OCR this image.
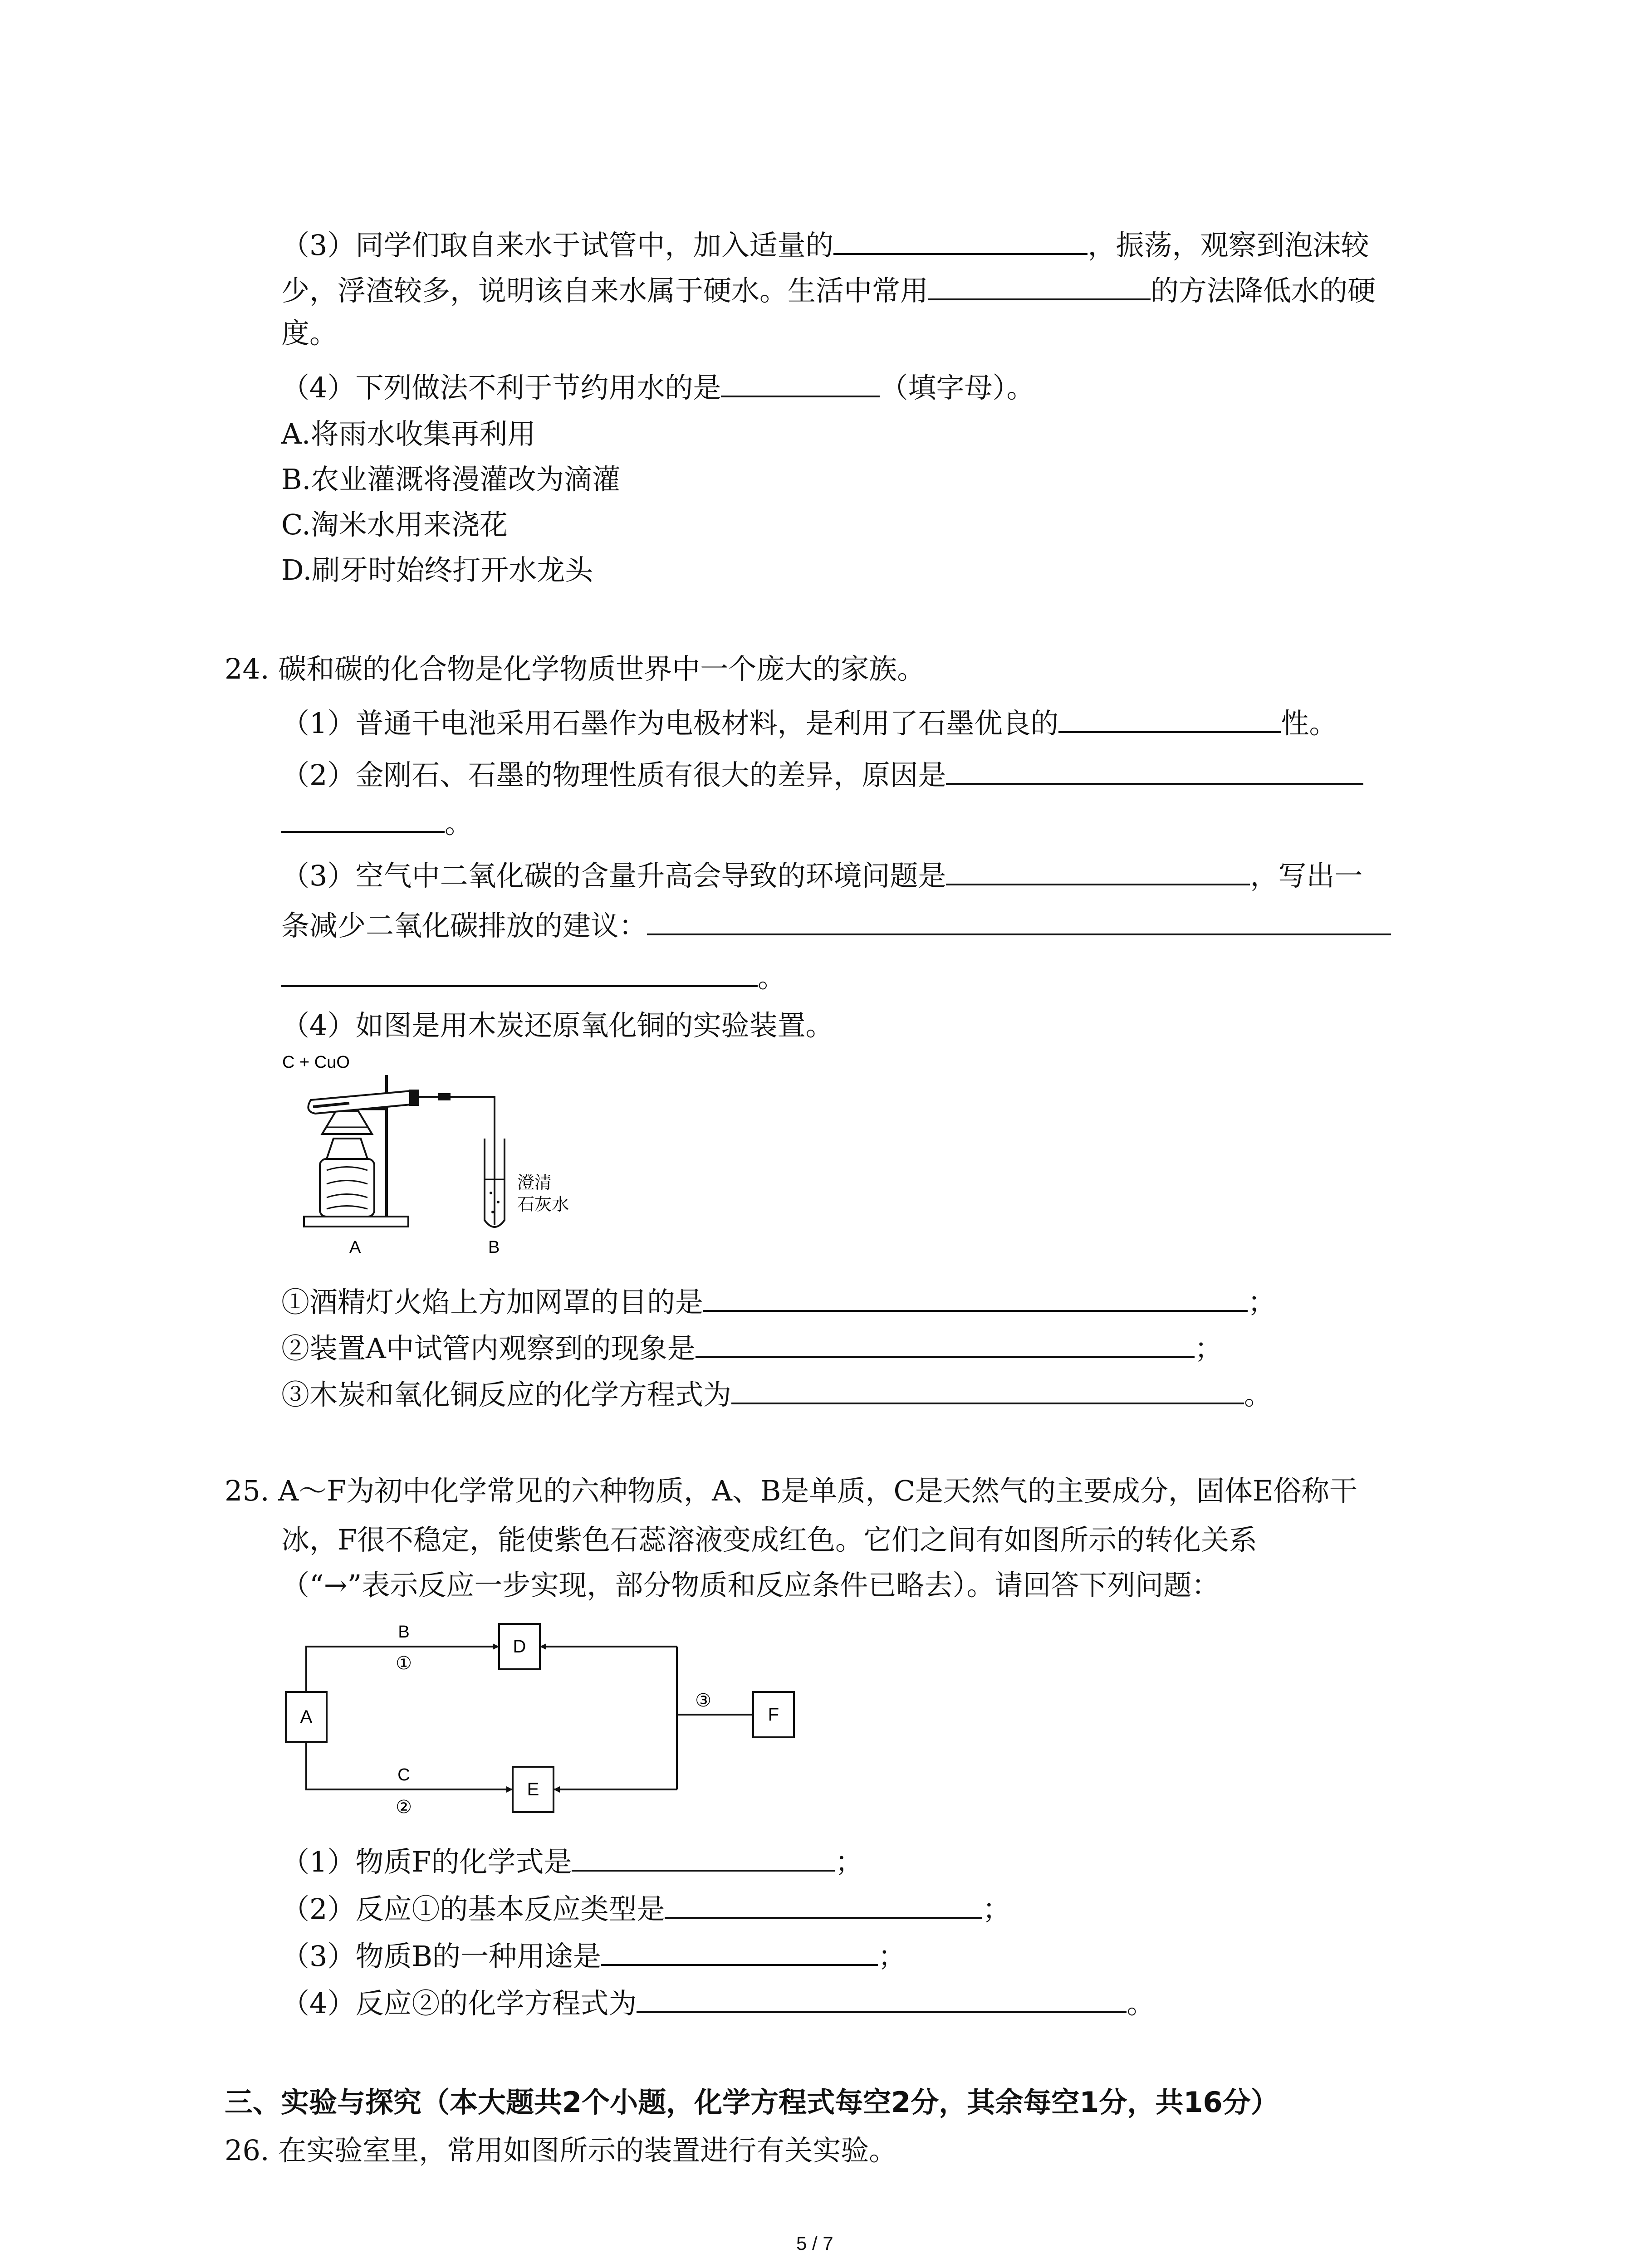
（3）同学们取自来水于试管中，加入适量的	，振荡，观察到泡沫较
少，浮渣较多，说明该自来水属于硬水。生活中常用	的方法降低水的硬
度。
（4）下列做法不利于节约用水的是	（填字母）。
A.将雨水收集再利用
B.农业灌溉将漫灌改为滴灌
C.淘米水用来浇花
D.刷牙时始终打开水龙头
24. 碳和碳的化合物是化学物质世界中一个庞大的家族。
（1）普通干电池采用石墨作为电极材料，是利用了石墨优良的	性。
（2）金刚石、石墨的物理性质有很大的差异，原因是
。
（3）空气中二氧化碳的含量升高会导致的环境问题是	，写出一
条减少二氧化碳排放的建议：
。
（4）如图是用木炭还原氧化铜的实验装置。
C + CuO
澄清
石灰水
A	B
①酒精灯火焰上方加网罩的目的是	；
②装置A中试管内观察到的现象是	；
③木炭和氧化铜反应的化学方程式为	。
25. A～F为初中化学常见的六种物质，A、B是单质，C是天然气的主要成分，固体E俗称干
冰，F很不稳定，能使紫色石蕊溶液变成红色。它们之间有如图所示的转化关系
（“→”表示反应一步实现，部分物质和反应条件已略去）。请回答下列问题：
A
D
E
F
B
①
C
②
③
（1）物质F的化学式是	；
（2）反应①的基本反应类型是	；
（3）物质B的一种用途是	；
（4）反应②的化学方程式为	。
三、实验与探究（本大题共2个小题，化学方程式每空2分，其余每空1分，共16分）
26. 在实验室里，常用如图所示的装置进行有关实验。
5 / 7
